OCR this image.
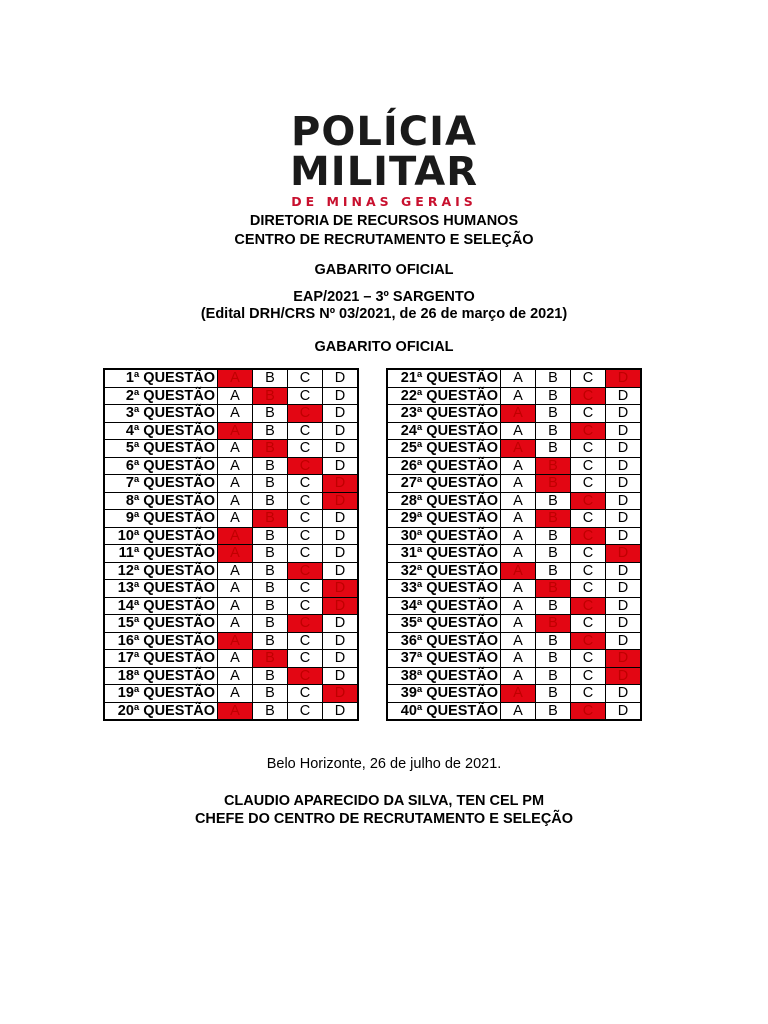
POLÍCIA
MILITAR
DE MINAS GERAIS
DIRETORIA DE RECURSOS HUMANOS
CENTRO DE RECRUTAMENTO E SELEÇÃO
GABARITO OFICIAL
EAP/2021 – 3º SARGENTO
(Edital DRH/CRS Nº 03/2021, de 26 de março de 2021)
GABARITO OFICIAL
1ª QUESTÃO	A	B	C	D
2ª QUESTÃO	A	B	C	D
3ª QUESTÃO	A	B	C	D
4ª QUESTÃO	A	B	C	D
5ª QUESTÃO	A	B	C	D
6ª QUESTÃO	A	B	C	D
7ª QUESTÃO	A	B	C	D
8ª QUESTÃO	A	B	C	D
9ª QUESTÃO	A	B	C	D
10ª QUESTÃO	A	B	C	D
11ª QUESTÃO	A	B	C	D
12ª QUESTÃO	A	B	C	D
13ª QUESTÃO	A	B	C	D
14ª QUESTÃO	A	B	C	D
15ª QUESTÃO	A	B	C	D
16ª QUESTÃO	A	B	C	D
17ª QUESTÃO	A	B	C	D
18ª QUESTÃO	A	B	C	D
19ª QUESTÃO	A	B	C	D
20ª QUESTÃO	A	B	C	D
21ª QUESTÃO	A	B	C	D
22ª QUESTÃO	A	B	C	D
23ª QUESTÃO	A	B	C	D
24ª QUESTÃO	A	B	C	D
25ª QUESTÃO	A	B	C	D
26ª QUESTÃO	A	B	C	D
27ª QUESTÃO	A	B	C	D
28ª QUESTÃO	A	B	C	D
29ª QUESTÃO	A	B	C	D
30ª QUESTÃO	A	B	C	D
31ª QUESTÃO	A	B	C	D
32ª QUESTÃO	A	B	C	D
33ª QUESTÃO	A	B	C	D
34ª QUESTÃO	A	B	C	D
35ª QUESTÃO	A	B	C	D
36ª QUESTÃO	A	B	C	D
37ª QUESTÃO	A	B	C	D
38ª QUESTÃO	A	B	C	D
39ª QUESTÃO	A	B	C	D
40ª QUESTÃO	A	B	C	D
Belo Horizonte, 26 de julho de 2021.
CLAUDIO APARECIDO DA SILVA, TEN CEL PM
CHEFE DO CENTRO DE RECRUTAMENTO E SELEÇÃO
